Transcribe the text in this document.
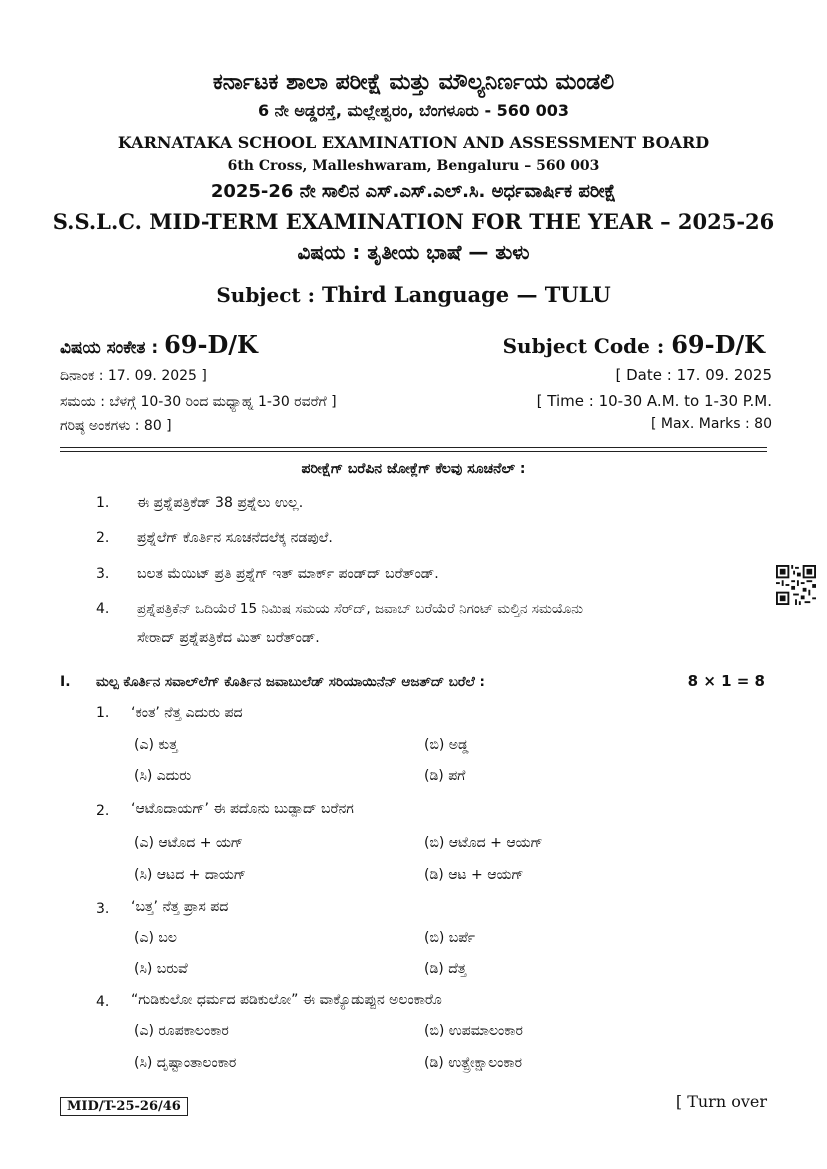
ಕರ್ನಾಟಕ ಶಾಲಾ ಪರೀಕ್ಷೆ ಮತ್ತು ಮೌಲ್ಯನಿರ್ಣಯ ಮಂಡಲಿ
6 ನೇ ಅಡ್ಡರಸ್ತೆ, ಮಲ್ಲೇಶ್ವರಂ, ಬೆಂಗಳೂರು - 560 003
KARNATAKA SCHOOL EXAMINATION AND ASSESSMENT BOARD
6th Cross, Malleshwaram, Bengaluru – 560 003
2025-26 ನೇ ಸಾಲಿನ ಎಸ್.ಎಸ್.ಎಲ್.ಸಿ. ಅರ್ಧವಾರ್ಷಿಕ ಪರೀಕ್ಷೆ
S.S.L.C. MID-TERM EXAMINATION FOR THE YEAR – 2025-26
ವಿಷಯ : ತೃತೀಯ ಭಾಷೆ — ತುಳು
Subject : Third Language — TULU
ವಿಷಯ ಸಂಕೇತ : 69-D/K	Subject Code : 69-D/K
ದಿನಾಂಕ : 17. 09. 2025 ]	[ Date : 17. 09. 2025
ಸಮಯ : ಬೆಳಗ್ಗೆ 10-30 ರಿಂದ ಮಧ್ಯಾಹ್ನ 1-30 ರವರೆಗೆ ]	[ Time : 10-30 A.M. to 1-30 P.M.
ಗರಿಷ್ಠ ಅಂಕಗಳು : 80 ]	[ Max. Marks : 80
ಪರೀಕ್ಷೆಗ್ ಬರೆಪಿನ ಜೋಕ್ಲೆಗ್ ಕೆಲವು ಸೂಚನೆಲ್ :
1. ಈ ಪ್ರಶ್ನೆಪತ್ರಿಕೆಡ್ 38 ಪ್ರಶ್ನೆಲು ಉಲ್ಲ.
2. ಪ್ರಶ್ನೆಲೆಗ್ ಕೊರ್ತಿನ ಸೂಚನೆದಲೆಕ್ಕ ನಡಪುಲೆ.
3. ಬಲತ ಮೆಯಿಟ್ ಪ್ರತಿ ಪ್ರಶ್ನೆಗ್ ಇತ್ ಮಾರ್ಕ್ ಪಂಡ್‌ದ್ ಬರೆತ್ಂಡ್.
4. ಪ್ರಶ್ನೆಪತ್ರಿಕೆನ್ ಒದಿಯೆರೆ 15 ನಿಮಿಷ ಸಮಯ ಸೆರ್‌ದ್, ಜವಾಬ್ ಬರೆಯೆರೆ ನಿಗಂಟ್ ಮಲ್ತಿನ ಸಮಯೊನು
ಸೇರಾದ್ ಪ್ರಶ್ನೆಪತ್ರಿಕೆದ ಮಿತ್ ಬರೆತ್ಂಡ್.
I. ಮಲ್ಪ ಕೊರ್ತಿನ ಸವಾಲ್‌ಲೆಗ್ ಕೊರ್ತಿನ ಜವಾಬುಲೆಡ್ ಸರಿಯಾಯಿನೆನ್ ಆಜತ್‌ದ್ ಬರೆಲೆ :	8 × 1 = 8
1. ‘ಕಂತ’ ನೆತ್ತ ಎದುರು ಪದ
(ಎ) ಕುತ್ತ	(ಬಿ) ಅಡ್ಡ
(ಸಿ) ಎದುರು	(ಡಿ) ಪಗೆ
2. ‘ಆಟೊದಾಯಗ್’ ಈ ಪದೊನು ಬುಡ್ಪಾದ್ ಬರೆನಗ
(ಎ) ಆಟೊದ + ಯಗ್	(ಬಿ) ಆಟೊದ + ಆಯಗ್
(ಸಿ) ಆಟದ + ದಾಯಗ್	(ಡಿ) ಆಟ + ಆಯಗ್
3. ‘ಬತ್ತ’ ನೆತ್ತ ಪ್ರಾಸ ಪದ
(ಎ) ಬಲ	(ಬಿ) ಬರ್ಪೆ
(ಸಿ) ಬರುವೆ	(ಡಿ) ದೆತ್ತ
4. “ಗುಡಿಕುಲೋ ಧರ್ಮದ ಪಡಿಕುಲೋ” ಈ ವಾಕ್ಯೊಡುಪ್ಪುನ ಅಲಂಕಾರೊ
(ಎ) ರೂಪಕಾಲಂಕಾರ	(ಬಿ) ಉಪಮಾಲಂಕಾರ
(ಸಿ) ದೃಷ್ಟಾಂತಾಲಂಕಾರ	(ಡಿ) ಉತ್ಪ್ರೇಕ್ಷಾಲಂಕಾರ
MID/T-25-26/46	[ Turn over
